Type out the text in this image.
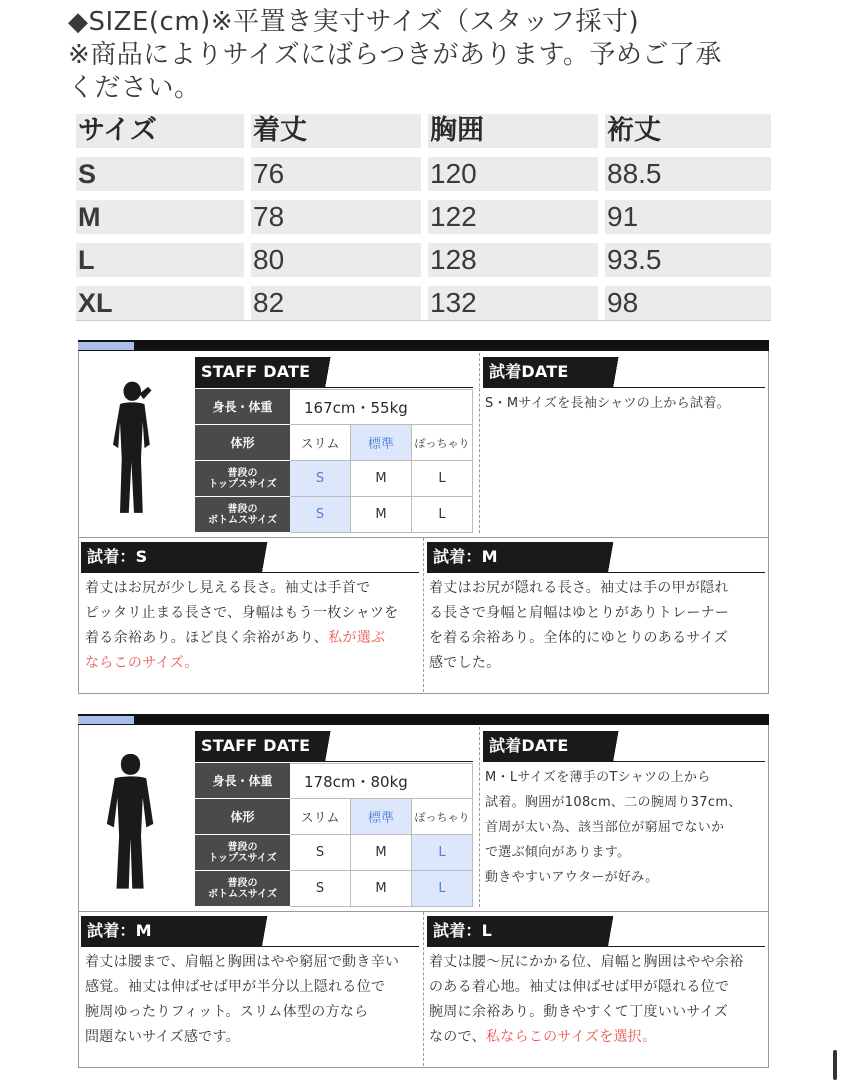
◆SIZE(cm)※平置き実寸サイズ（スタッフ採寸)
※商品によりサイズにばらつきがあります。予めご了承
ください。
サイズ	着丈	胸囲	裄丈
S	76	120	88.5
M	78	122	91
L	80	128	93.5
XL	82	132	98
STAFF DATE	試着DATE
身長・体重	167cm・55kg
体形	スリム	標準	ぽっちゃり
普段の
トップスサイズ	S	M	L
普段の
ボトムスサイズ	S	M	L
S・Mサイズを長袖シャツの上から試着。
試着：S	試着：M
着丈はお尻が少し見える長さ。袖丈は手首で
ピッタリ止まる長さで、身幅はもう一枚シャツを
着る余裕あり。ほど良く余裕があり、私が選ぶ
ならこのサイズ。
着丈はお尻が隠れる長さ。袖丈は手の甲が隠れ
る長さで身幅と肩幅はゆとりがありトレーナー
を着る余裕あり。全体的にゆとりのあるサイズ
感でした。
STAFF DATE	試着DATE
身長・体重	178cm・80kg
体形	スリム	標準	ぽっちゃり
普段の
トップスサイズ	S	M	L
普段の
ボトムスサイズ	S	M	L
M・Lサイズを薄手のTシャツの上から
試着。胸囲が108cm、二の腕周り37cm、
首周が太い為、該当部位が窮屈でないか
で選ぶ傾向があります。
動きやすいアウターが好み。
試着：M	試着：L
着丈は腰まで、肩幅と胸囲はやや窮屈で動き辛い
感覚。袖丈は伸ばせば甲が半分以上隠れる位で
腕周ゆったりフィット。スリム体型の方なら
問題ないサイズ感です。
着丈は腰〜尻にかかる位、肩幅と胸囲はやや余裕
のある着心地。袖丈は伸ばせば甲が隠れる位で
腕周に余裕あり。動きやすくて丁度いいサイズ
なので、私ならこのサイズを選択。
